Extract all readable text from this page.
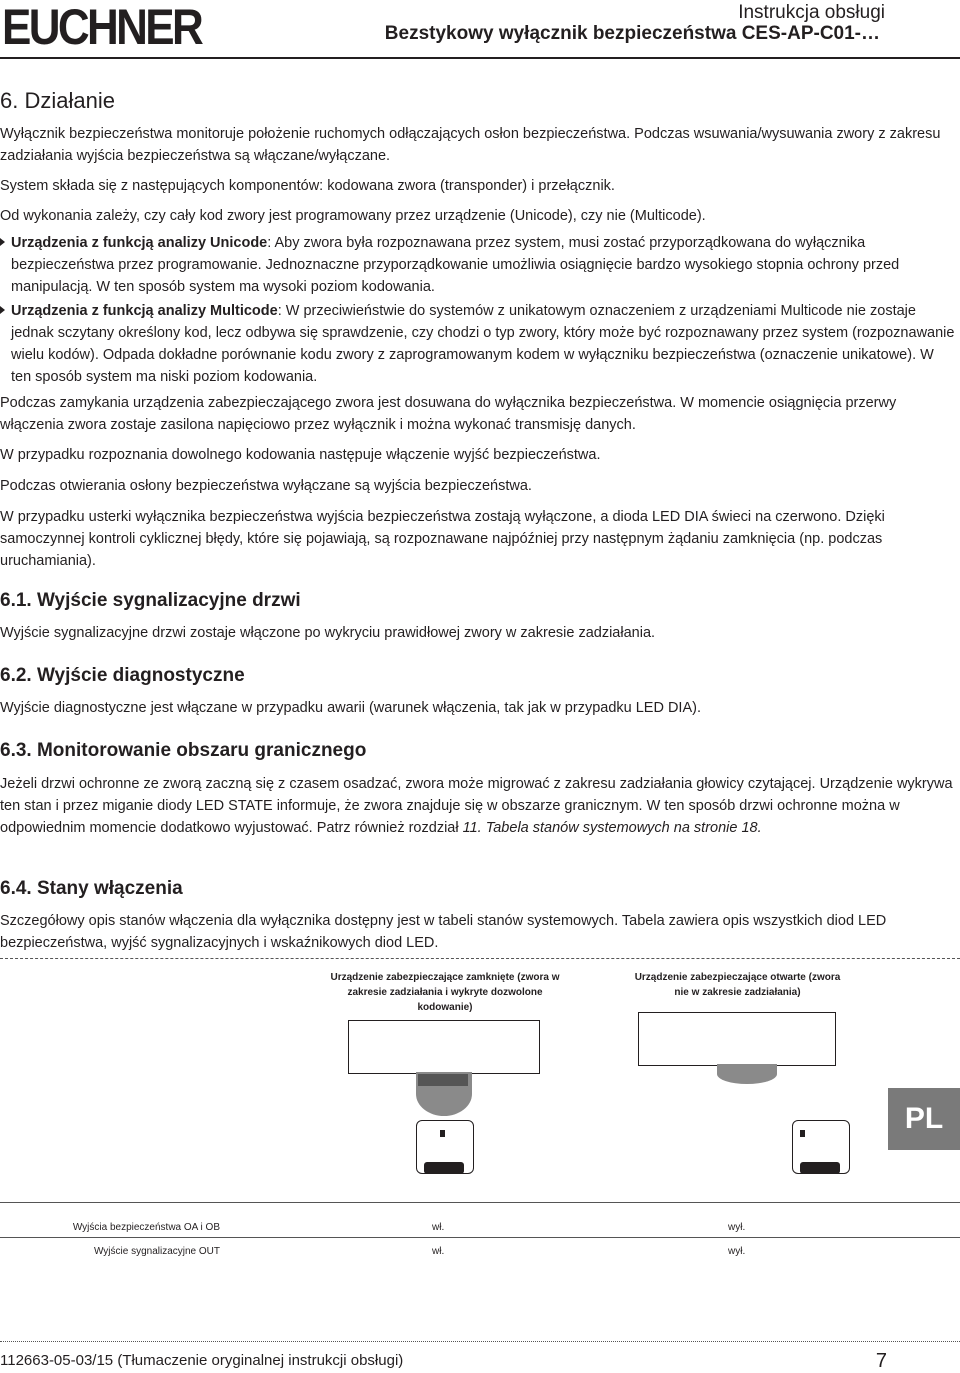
EUCHNER	Instrukcja obsługi
Bezstykowy wyłącznik bezpieczeństwa CES-AP-C01-…
6. Działanie
Wyłącznik bezpieczeństwa monitoruje położenie ruchomych odłączających osłon bezpieczeństwa. Podczas wsuwania/wysuwania zwory z zakresu zadziałania wyjścia bezpieczeństwa są włączane/wyłączane.
System składa się z następujących komponentów: kodowana zwora (transponder) i przełącznik.
Od wykonania zależy, czy cały kod zwory jest programowany przez urządzenie (Unicode), czy nie (Multicode).
Urządzenia z funkcją analizy Unicode: Aby zwora była rozpoznawana przez system, musi zostać przyporządkowana do wyłącznika bezpieczeństwa przez programowanie. Jednoznaczne przyporządkowanie umożliwia osiągnięcie bardzo wysokiego stopnia ochrony przed manipulacją. W ten sposób system ma wysoki poziom kodowania.
Urządzenia z funkcją analizy Multicode: W przeciwieństwie do systemów z unikatowym oznaczeniem z urządzeniami Multicode nie zostaje jednak sczytany określony kod, lecz odbywa się sprawdzenie, czy chodzi o typ zwory, który może być rozpoznawany przez system (rozpoznawanie wielu kodów). Odpada dokładne porównanie kodu zwory z zaprogramowanym kodem w wyłączniku bezpieczeństwa (oznaczenie unikatowe). W ten sposób system ma niski poziom kodowania.
Podczas zamykania urządzenia zabezpieczającego zwora jest dosuwana do wyłącznika bezpieczeństwa. W momencie osiągnięcia przerwy włączenia zwora zostaje zasilona napięciowo przez wyłącznik i można wykonać transmisję danych.
W przypadku rozpoznania dowolnego kodowania następuje włączenie wyjść bezpieczeństwa.
Podczas otwierania osłony bezpieczeństwa wyłączane są wyjścia bezpieczeństwa.
W przypadku usterki wyłącznika bezpieczeństwa wyjścia bezpieczeństwa zostają wyłączone, a dioda LED DIA świeci na czerwono. Dzięki samoczynnej kontroli cyklicznej błędy, które się pojawiają, są rozpoznawane najpóźniej przy następnym żądaniu zamknięcia (np. podczas uruchamiania).
6.1. Wyjście sygnalizacyjne drzwi
Wyjście sygnalizacyjne drzwi zostaje włączone po wykryciu prawidłowej zwory w zakresie zadziałania.
6.2. Wyjście diagnostyczne
Wyjście diagnostyczne jest włączane w przypadku awarii (warunek włączenia, tak jak w przypadku LED DIA).
6.3. Monitorowanie obszaru granicznego
Jeżeli drzwi ochronne ze zworą zaczną się z czasem osadzać, zwora może migrować z zakresu zadziałania głowicy czytającej. Urządzenie wykrywa ten stan i przez miganie diody LED STATE informuje, że zwora znajduje się w obszarze granicznym. W ten sposób drzwi ochronne można w odpowiednim momencie dodatkowo wyjustować. Patrz również rozdział 11. Tabela stanów systemowych na stronie 18.
6.4. Stany włączenia
Szczegółowy opis stanów włączenia dla wyłącznika dostępny jest w tabeli stanów systemowych. Tabela zawiera opis wszystkich diod LED bezpieczeństwa, wyjść sygnalizacyjnych i wskaźnikowych diod LED.
Urządzenie zabezpieczające zamknięte (zwora w zakresie zadziałania i wykryte dozwolone kodowanie)
Urządzenie zabezpieczające otwarte (zwora nie w zakresie zadziałania)
Wyjścia bezpieczeństwa OA i OB	wł.	wył.
Wyjście sygnalizacyjne OUT	wł.	wył.
PL
112663-05-03/15 (Tłumaczenie oryginalnej instrukcji obsługi)	7
